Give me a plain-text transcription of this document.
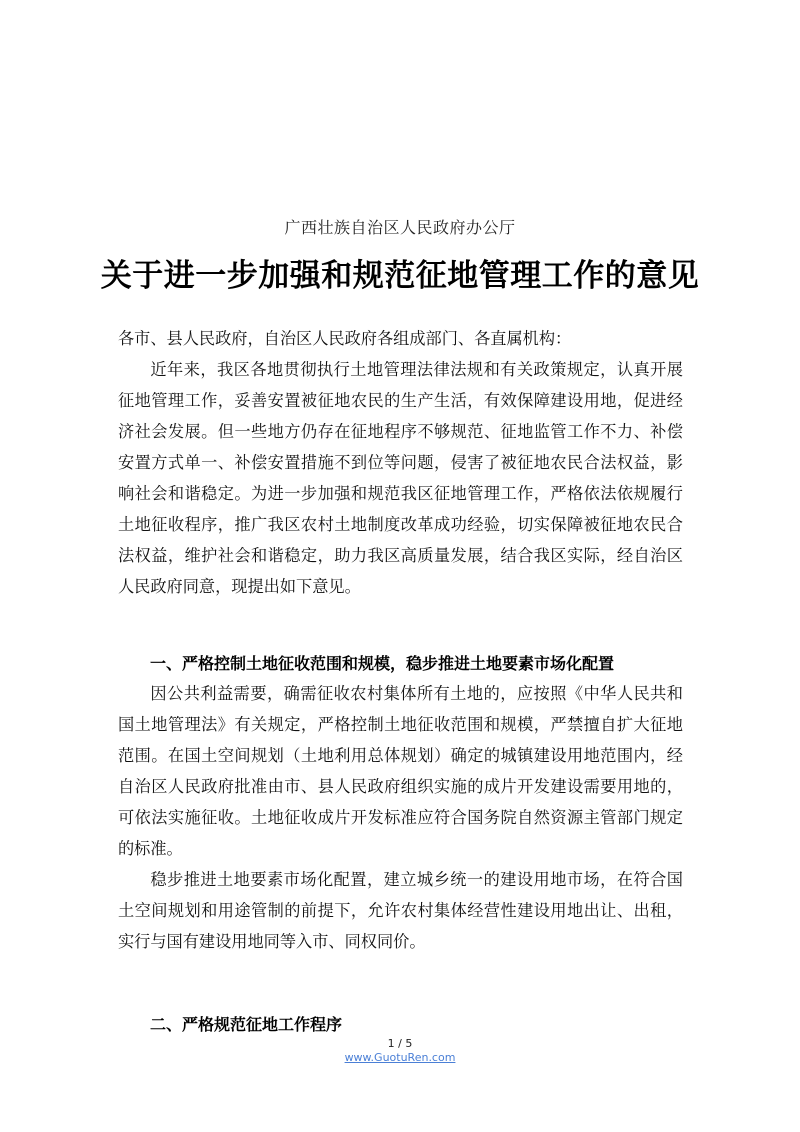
广西壮族自治区人民政府办公厅
关于进一步加强和规范征地管理工作的意见
各市、县人民政府，自治区人民政府各组成部门、各直属机构：

近年来，我区各地贯彻执行土地管理法律法规和有关政策规定，认真开展征地管理工作，妥善安置被征地农民的生产生活，有效保障建设用地，促进经济社会发展。但一些地方仍存在征地程序不够规范、征地监管工作不力、补偿安置方式单一、补偿安置措施不到位等问题，侵害了被征地农民合法权益，影响社会和谐稳定。为进一步加强和规范我区征地管理工作，严格依法依规履行土地征收程序，推广我区农村土地制度改革成功经验，切实保障被征地农民合法权益，维护社会和谐稳定，助力我区高质量发展，结合我区实际，经自治区人民政府同意，现提出如下意见。

一、严格控制土地征收范围和规模，稳步推进土地要素市场化配置

因公共利益需要，确需征收农村集体所有土地的，应按照《中华人民共和国土地管理法》有关规定，严格控制土地征收范围和规模，严禁擅自扩大征地范围。在国土空间规划（土地利用总体规划）确定的城镇建设用地范围内，经自治区人民政府批准由市、县人民政府组织实施的成片开发建设需要用地的，可依法实施征收。土地征收成片开发标准应符合国务院自然资源主管部门规定的标准。

稳步推进土地要素市场化配置，建立城乡统一的建设用地市场，在符合国土空间规划和用途管制的前提下，允许农村集体经营性建设用地出让、出租，实行与国有建设用地同等入市、同权同价。

二、严格规范征地工作程序
1 / 5
www.GuotuRen.com
